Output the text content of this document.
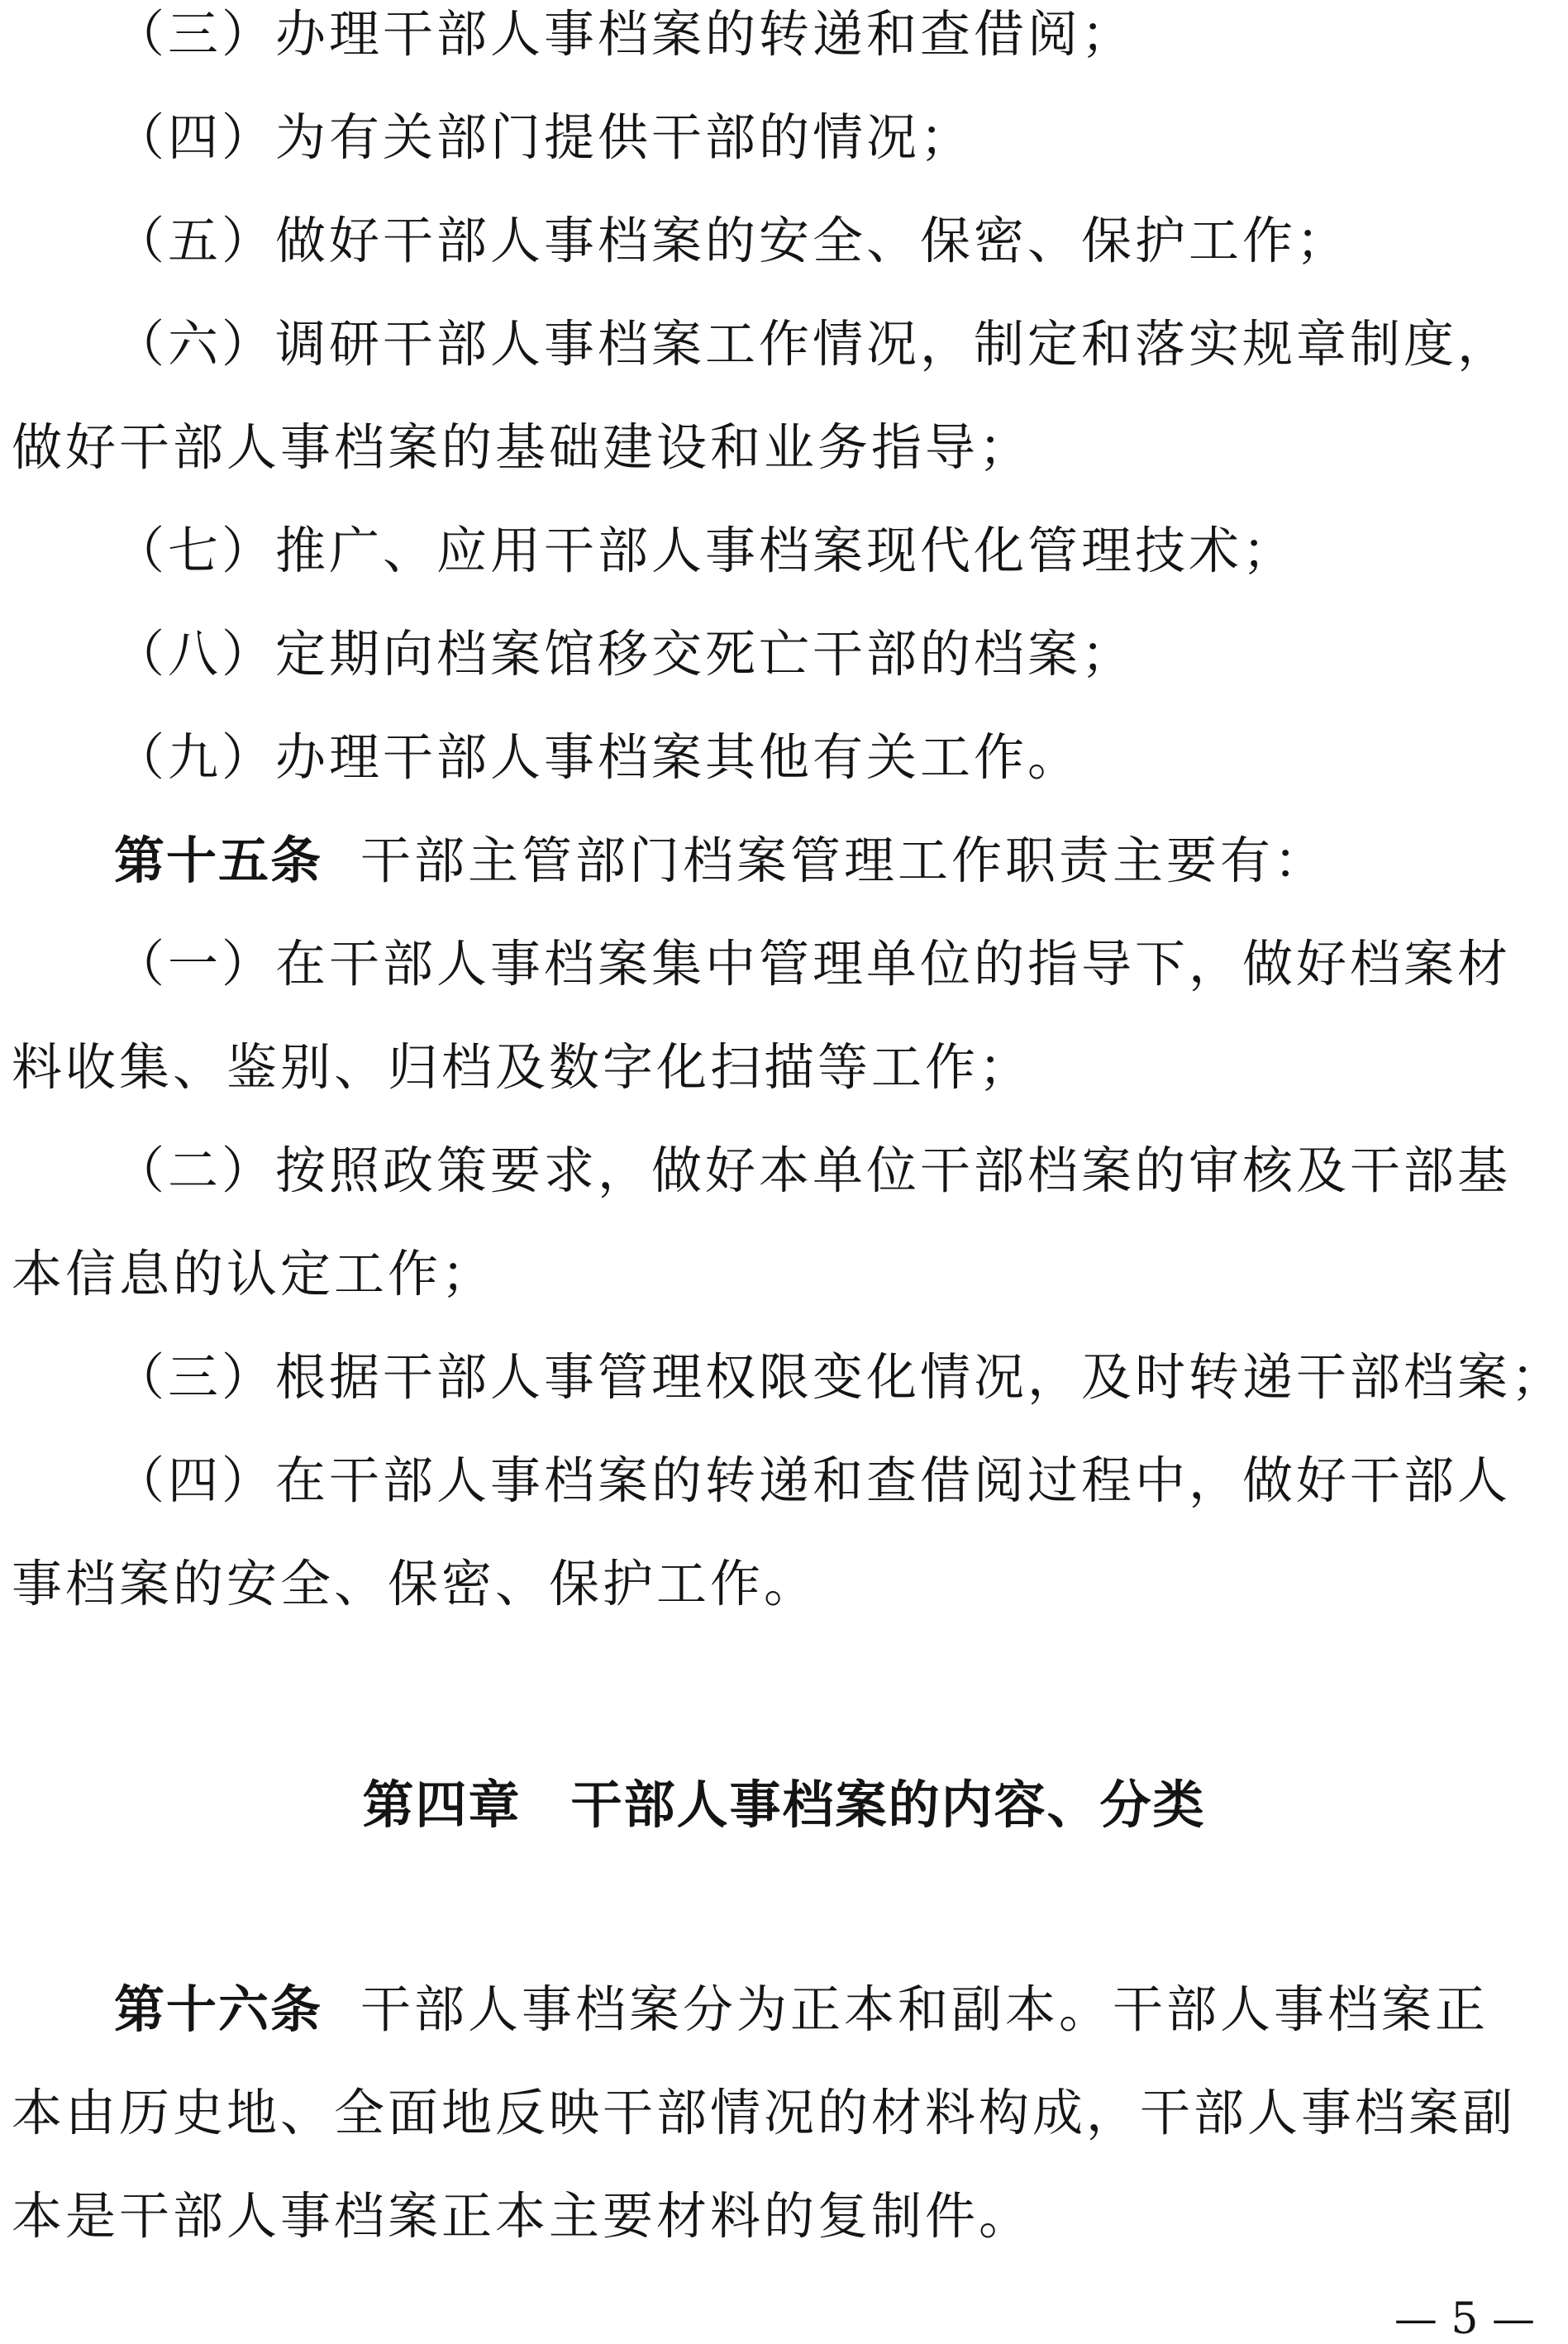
（三）办理干部人事档案的转递和查借阅；
（四）为有关部门提供干部的情况；
（五）做好干部人事档案的安全、保密、保护工作；
（六）调研干部人事档案工作情况，制定和落实规章制度，
做好干部人事档案的基础建设和业务指导；
（七）推广、应用干部人事档案现代化管理技术；
（八）定期向档案馆移交死亡干部的档案；
（九）办理干部人事档案其他有关工作。
第十五条 干部主管部门档案管理工作职责主要有：
（一）在干部人事档案集中管理单位的指导下，做好档案材
料收集、鉴别、归档及数字化扫描等工作；
（二）按照政策要求，做好本单位干部档案的审核及干部基
本信息的认定工作；
（三）根据干部人事管理权限变化情况，及时转递干部档案；
（四）在干部人事档案的转递和查借阅过程中，做好干部人
事档案的安全、保密、保护工作。
第四章 干部人事档案的内容、分类
第十六条 干部人事档案分为正本和副本。干部人事档案正
本由历史地、全面地反映干部情况的材料构成，干部人事档案副
本是干部人事档案正本主要材料的复制件。
— 5 —
